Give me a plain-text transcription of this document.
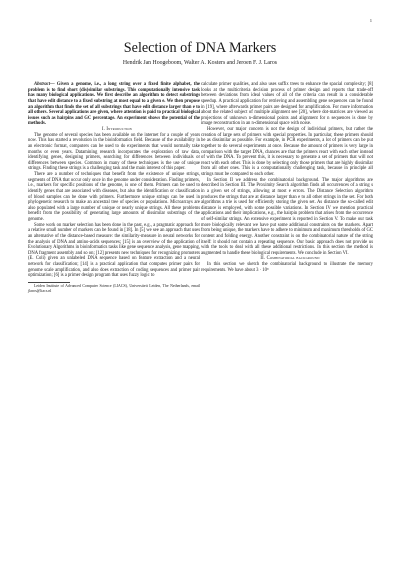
1
Selection of DNA Markers
Hendrik Jan Hoogeboom, Walter A. Kosters and Jeroen F. J. Laros

Abstract— Given a genome, i.e., a long string over a fixed finite alphabet, the problem is to find short (dis)similar substrings. This computationally intensive task has many biological applications. We first describe an algorithm to detect substrings that have edit distance to a fixed substring at most equal to a given e. We then propose an algorithm that finds the set of all substrings that have edit distance larger than e to all others. Several applications are given, where attention is paid to practical biological issues such as hairpins and GC percentage. An experiment shows the potential of the methods.

I. Introduction

The genome of several species has been available on the internet for a couple of years now. This has started a revolution in the bioinformatics field. Because of the availability in an electronic format, computers can be used to do experiments that would normally take months or even years. Datamining research incorporates the exploration of raw data, identifying genes, designing primers, searching for differences between individuals or differences between species. Common in many of these techniques is the use of unique strings. Finding these strings is a challenging task and the main interest of this paper.

There are a number of techniques that benefit from the existence of unique strings, segments of DNA that occur only once in the genome under consideration. Finding primers, i.e., markers for specific positions of the genome, is one of them. Primers can be used to identify genes that are associated with diseases, but also the identification or classification of blood samples can be done with primers. Furthermore unique strings can be used in phylogenetic research to make an ancestral tree of species or populations. Microarrays are also populated with a large number of unique or nearly unique strings. All these problems benefit from the possibility of generating large amounts of dissimilar substrings of the genome.

Some work on marker selection has been done in the past, e.g., a pragmatic approach for a relative small number of markers can be found in [18]. In [5] we see an approach that uses an alternative of the distance-based measure: the similarity-measure in neural networks for the analysis of DNA and amino-acids sequences; [15] is an overview of the application of Evolutionary Algorithms in bioinformatics tasks like gene sequence analysis, gene mapping, DNA fragment assembly and so on; [12] presents new techniques for recognizing promoters (E. Coli) given an unlabeled DNA sequence based on feature extraction and a neural network for classification; [14] is a practical application that computes primer pairs for genome scale amplification, and also does extraction of coding sequences and primer pair optimization; [6] is a primer design program that uses fuzzy logic to

Leiden Institute of Advanced Computer Science (LIACS), Universiteit Leiden, The Netherlands, email jlaros@liacs.nl

calculate primer qualities, and also uses suffix trees to enhance the spacial complexity; [8] looks at the multicriteria decision process of primer design and reports that trade-off between deviations from ideal values of all of the criteria can result in a considerable speedup. A practical application for retrieving and assembling gene sequences can be found in [19], where afterwards primer pairs are designed for amplification. For more information about the related subject of multiple alignment see [20], where dot-matrices are viewed as projections of unknown n-dimensional points and alignment for n sequences is done by image reconstruction in an n-dimensional space with noise.

However, our major concern is not the design of individual primers, but rather the creation of large sets of primers with special properties. In particular, these primers should be as dissimilar as possible. For example, in PCR experiments, a lot of primers can be put together to do several experiments at once. Because the amount of primers is very large in comparison with the target DNA, chances are that the primers react with each other instead of with the DNA. To prevent this, it is necessary to generate a set of primers that will not react with each other. This is done by selecting only those primers that are highly dissimilar from all other ones. This is a computationally challenging task, because in principle all strings must be compared to each other.

In Section II we address the combinatorial background. The major algorithms are described in Section III. The Proximity Search algorithm finds all occurrences of a string s in a given set of strings, allowing at most e errors. The Distance Selection algorithm produces the strings that are at distance larger than e to all other strings in the set. For both algorithms a trie is used for efficiently storing the given set. As distance the so-called edit distance is employed, with some possible variations. In Section IV we mention practical applications and their implications, e.g., the hairpin problem that arises from the occurrence of self-similar strings. An extensive experiment is reported in Section V. To make our task more biologically relevant we have put some additional constraints on the markers. Apart from being unique, the markers have to adhere to minimum and maximum thresholds of GC content and folding energy. Another constraint is on the combinatorial nature of the string itself: it should not contain a repeating sequence. Our basic approach does not provide us with the tools to deal with all these additional restrictions. In this section the method is augmented to handle these biological requirements. We conclude in Section VI.

II. Combinatorial background

In this section we sketch the combinatorial background to illustrate the memory requirements. We have about 3 · 10⁹
